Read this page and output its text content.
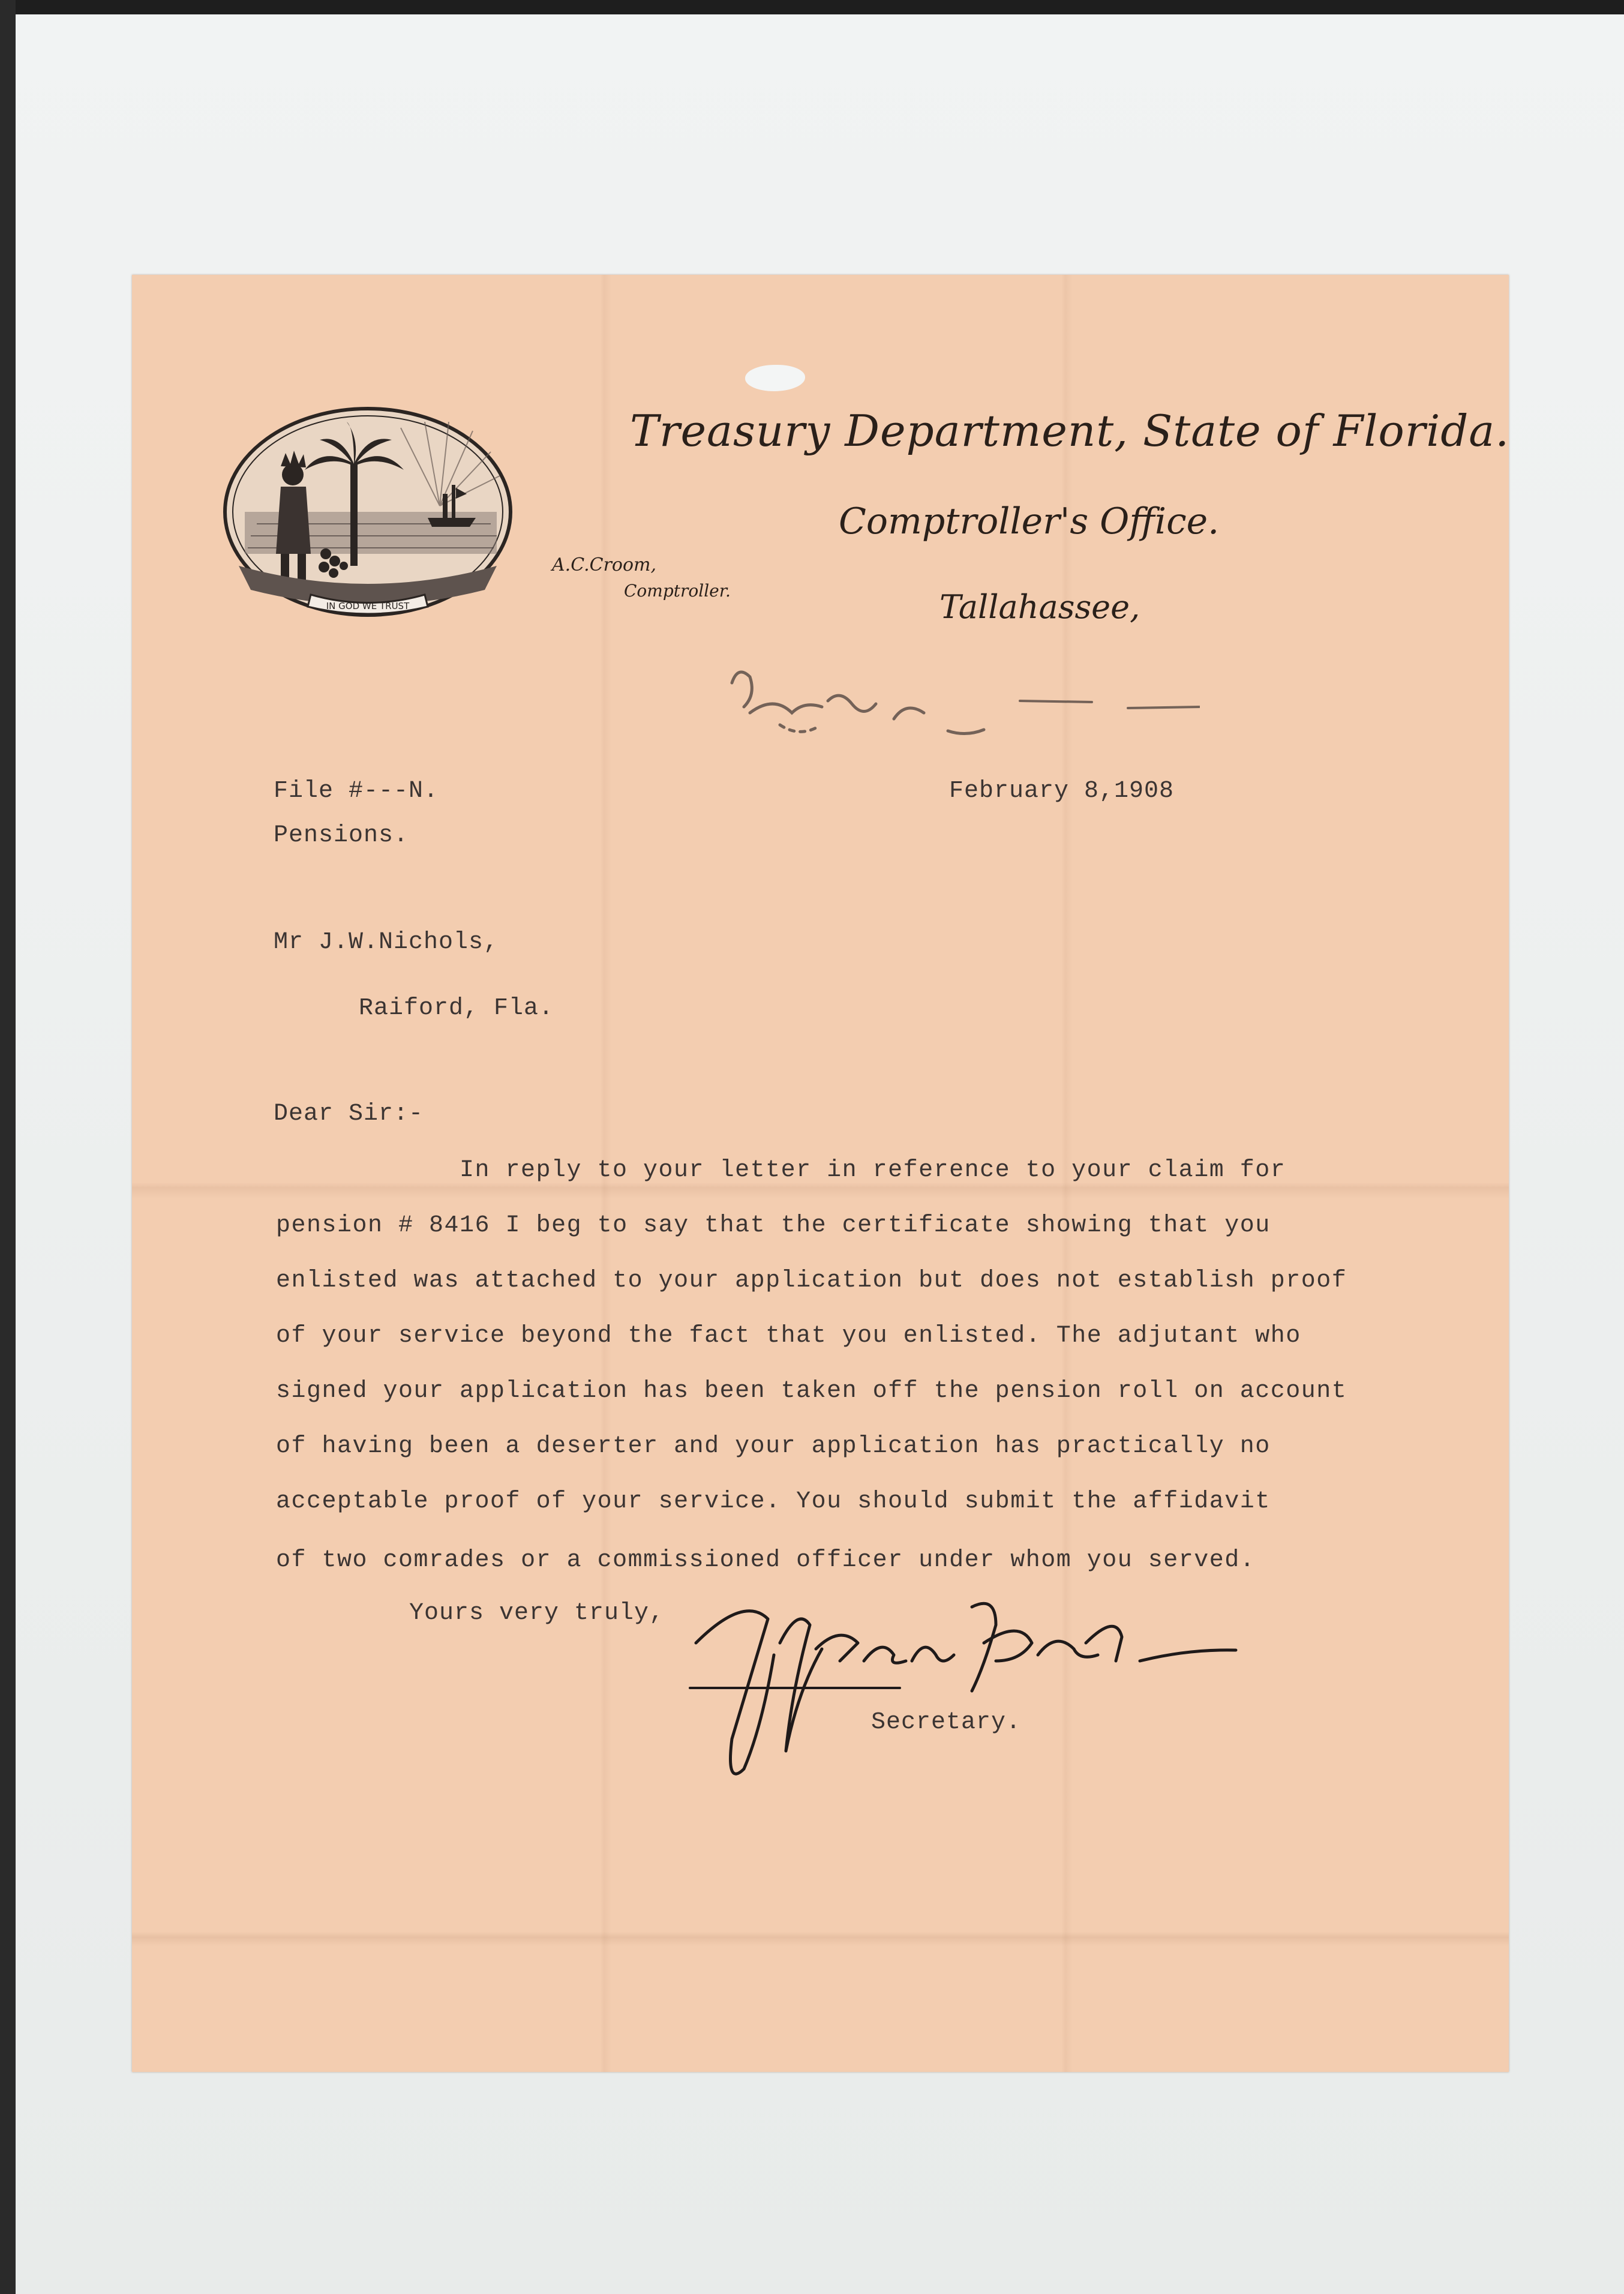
IN GOD WE TRUST
Treasury Department, State of Florida.
Comptroller's Office.
Tallahassee,
A.C.Croom,
Comptroller.
File #---N.
Pensions.
February 8,1908
Mr J.W.Nichols,
Raiford, Fla.
Dear Sir:-
In reply to your letter in reference to your claim for
pension # 8416 I beg to say that the certificate showing that you
enlisted was attached to your application but does not establish proof
of your service beyond the fact that you enlisted. The adjutant who
signed your application has been taken off the pension roll on account
of having been a deserter and your application has practically no
acceptable proof of your service. You should submit the affidavit
of two comrades or a commissioned officer under whom you served.
Yours very truly,
Secretary.
